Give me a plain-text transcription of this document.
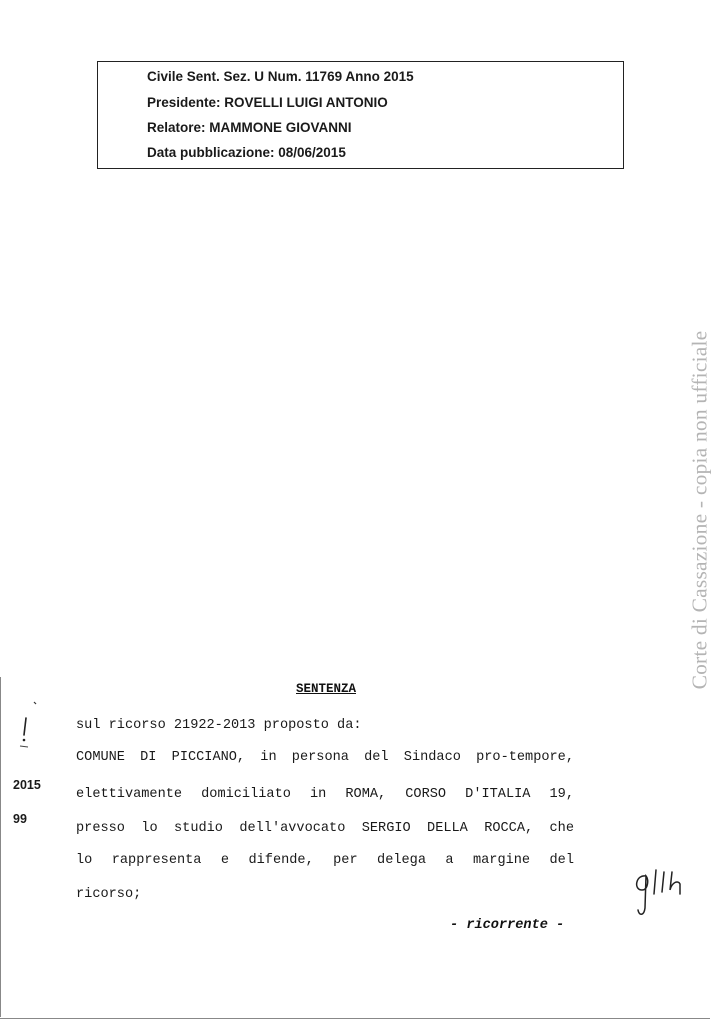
Civile Sent. Sez. U Num. 11769 Anno 2015
Presidente: ROVELLI LUIGI ANTONIO
Relatore: MAMMONE GIOVANNI
Data pubblicazione: 08/06/2015
Corte di Cassazione - copia non ufficiale
SENTENZA
sul ricorso 21922-2013 proposto da:
COMUNE DI PICCIANO, in persona del Sindaco pro-tempore,
elettivamente domiciliato in ROMA, CORSO D'ITALIA 19,
presso lo studio dell'avvocato SERGIO DELLA ROCCA, che
lo rappresenta e difende, per delega a margine del
ricorso;
- ricorrente -
2015
99
